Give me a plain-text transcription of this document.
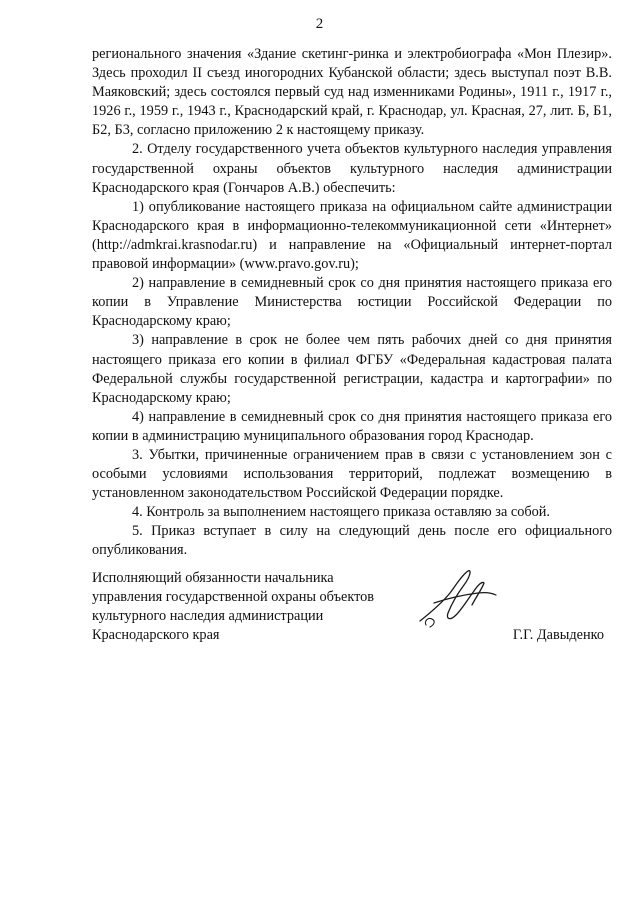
2

регионального значения «Здание скетинг-ринка и электробиографа «Мон Плезир». Здесь проходил II съезд иногородних Кубанской области; здесь выступал поэт В.В. Маяковский; здесь состоялся первый суд над изменниками Родины», 1911 г., 1917 г., 1926 г., 1959 г., 1943 г., Краснодарский край, г. Краснодар, ул. Красная, 27, лит. Б, Б1, Б2, Б3, согласно приложению 2 к настоящему приказу.

2. Отделу государственного учета объектов культурного наследия управления государственной охраны объектов культурного наследия администрации Краснодарского края (Гончаров А.В.) обеспечить:

1) опубликование настоящего приказа на официальном сайте администрации Краснодарского края в информационно-телекоммуникационной сети «Интернет» (http://admkrai.krasnodar.ru) и направление на «Официальный интернет-портал правовой информации» (www.pravo.gov.ru);

2) направление в семидневный срок со дня принятия настоящего приказа его копии в Управление Министерства юстиции Российской Федерации по Краснодарскому краю;

3) направление в срок не более чем пять рабочих дней со дня принятия настоящего приказа его копии в филиал ФГБУ «Федеральная кадастровая палата Федеральной службы государственной регистрации, кадастра и картографии» по Краснодарскому краю;

4) направление в семидневный срок со дня принятия настоящего приказа его копии в администрацию муниципального образования город Краснодар.

3. Убытки, причиненные ограничением прав в связи с установлением зон с особыми условиями использования территорий, подлежат возмещению в установленном законодательством Российской Федерации порядке.

4. Контроль за выполнением настоящего приказа оставляю за собой.

5. Приказ вступает в силу на следующий день после его официального опубликования.

Исполняющий обязанности начальника
управления государственной охраны объектов
культурного наследия администрации
Краснодарского края	Г.Г. Давыденко
